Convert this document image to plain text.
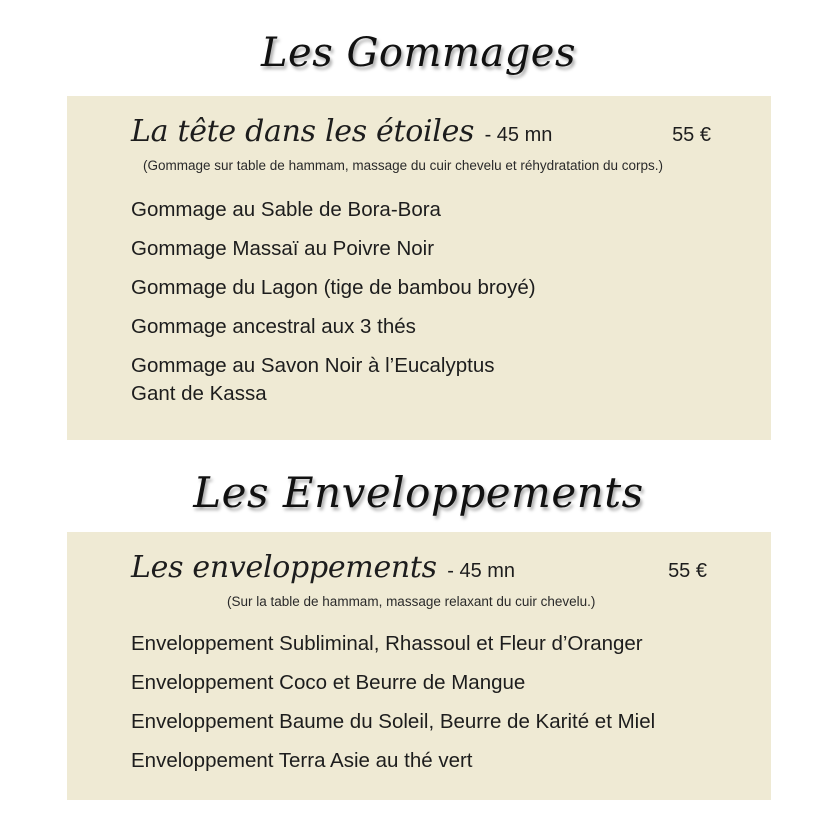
Les Gommages
La tête dans les étoiles - 45 mn	55 €
(Gommage sur table de hammam, massage du cuir chevelu et réhydratation du corps.)
Gommage au Sable de Bora-Bora
Gommage Massaï au Poivre Noir
Gommage du Lagon (tige de bambou broyé)
Gommage ancestral aux 3 thés
Gommage au Savon Noir à l’Eucalyptus
Gant de Kassa
Les Enveloppements
Les enveloppements - 45 mn	55 €
(Sur la table de hammam, massage relaxant du cuir chevelu.)
Enveloppement Subliminal, Rhassoul et Fleur d’Oranger
Enveloppement Coco et Beurre de Mangue
Enveloppement Baume du Soleil, Beurre de Karité et Miel
Enveloppement Terra Asie au thé vert
